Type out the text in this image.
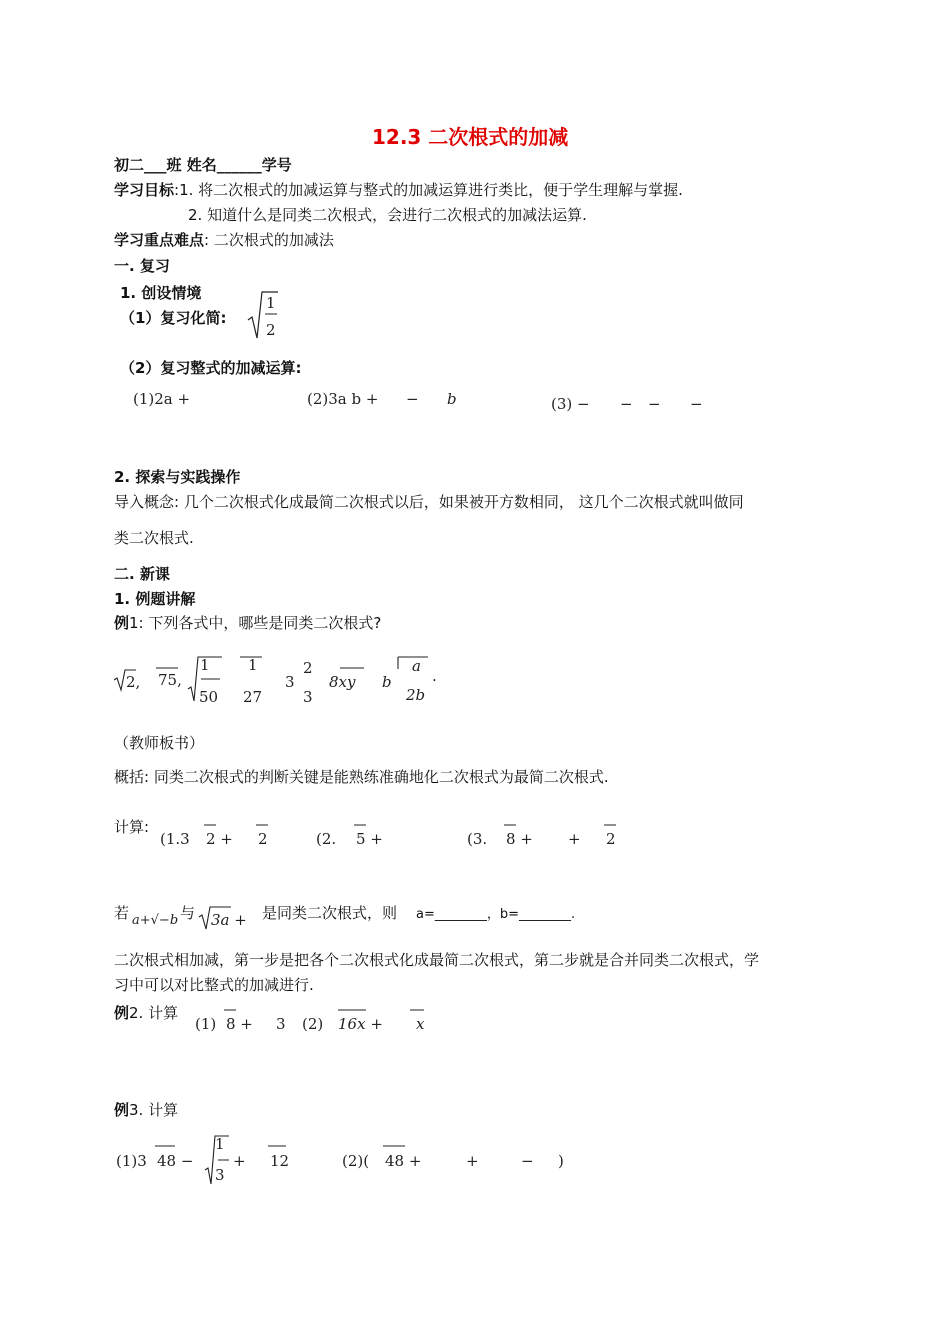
12.3 二次根式的加减
初二___班 姓名______学号
学习目标:1. 将二次根式的加减运算与整式的加减运算进行类比，便于学生理解与掌握.
2. 知道什么是同类二次根式，会进行二次根式的加减法运算.
学习重点难点: 二次根式的加减法
一. 复习
1. 创设情境
（1）复习化简:
1
2
（2）复习整式的加减运算:
(1)2a +	(2)3a b + − b	(3) − − − −
2. 探索与实践操作
导入概念: 几个二次根式化成最简二次根式以后，如果被开方数相同， 这几个二次根式就叫做同
类二次根式.
二. 新课
1. 例题讲解
例1: 下列各式中，哪些是同类二次根式?
2, 75,
1
50
1
27
3
2
3
8xy b
a
2b
.
（教师板书）
概括: 同类二次根式的判断关键是能熟练准确地化二次根式为最简二次根式.
计算:
(1.3 2 + 2	(2. 5 +	(3. 8 + + 2
若 a+√−b 与 3a + 是同类二次根式，则 a=________，b=________.
二次根式相加减，第一步是把各个二次根式化成最简二次根式，第二步就是合并同类二次根式，学
习中可以对比整式的加减进行.
例2. 计算
(1) 8 + 3 (2) 16x + x
例3. 计算
(1)3 48 −
1
3
+ 12	(2)( 48 +	+	− )
